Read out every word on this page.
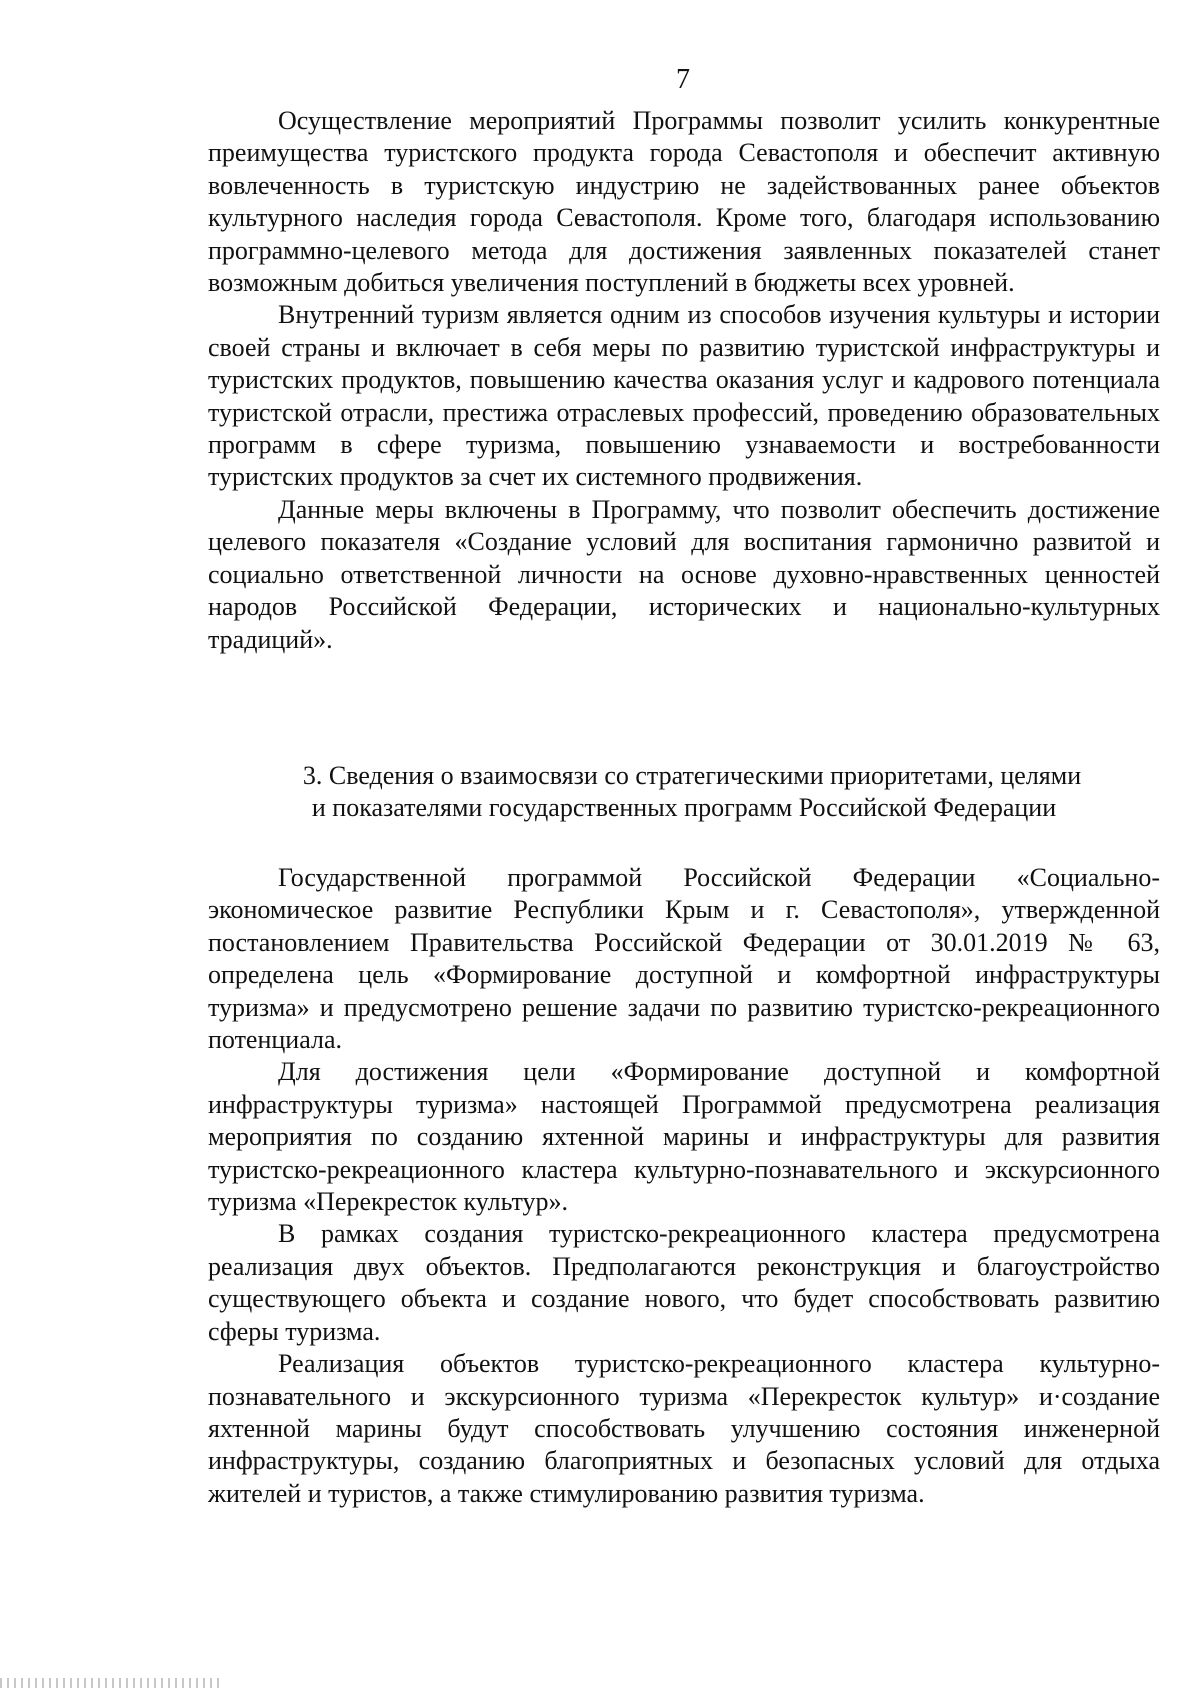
7

Осуществление мероприятий Программы позволит усилить конкурентные преимущества туристского продукта города Севастополя и обеспечит активную вовлеченность в туристскую индустрию не задействованных ранее объектов культурного наследия города Севастополя. Кроме того, благодаря использованию программно-целевого метода для достижения заявленных показателей станет возможным добиться увеличения поступлений в бюджеты всех уровней.

Внутренний туризм является одним из способов изучения культуры и истории своей страны и включает в себя меры по развитию туристской инфраструктуры и туристских продуктов, повышению качества оказания услуг и кадрового потенциала туристской отрасли, престижа отраслевых профессий, проведению образовательных программ в сфере туризма, повышению узнаваемости и востребованности туристских продуктов за счет их системного продвижения.

Данные меры включены в Программу, что позволит обеспечить достижение целевого показателя «Создание условий для воспитания гармонично развитой и социально ответственной личности на основе духовно-нравственных ценностей народов Российской Федерации, исторических и национально-культурных традиций».

3. Сведения о взаимосвязи со стратегическими приоритетами, целями
и показателями государственных программ Российской Федерации

Государственной программой Российской Федерации «Социально-экономическое развитие Республики Крым и г. Севастополя», утвержденной постановлением Правительства Российской Федерации от 30.01.2019 № 63, определена цель «Формирование доступной и комфортной инфраструктуры туризма» и предусмотрено решение задачи по развитию туристско-рекреационного потенциала.

Для достижения цели «Формирование доступной и комфортной инфраструктуры туризма» настоящей Программой предусмотрена реализация мероприятия по созданию яхтенной марины и инфраструктуры для развития туристско-рекреационного кластера культурно-познавательного и экскурсионного туризма «Перекресток культур».

В рамках создания туристско-рекреационного кластера предусмотрена реализация двух объектов. Предполагаются реконструкция и благоустройство существующего объекта и создание нового, что будет способствовать развитию сферы туризма.

Реализация объектов туристско-рекреационного кластера культурно-познавательного и экскурсионного туризма «Перекресток культур» и·создание яхтенной марины будут способствовать улучшению состояния инженерной инфраструктуры, созданию благоприятных и безопасных условий для отдыха жителей и туристов, а также стимулированию развития туризма.
